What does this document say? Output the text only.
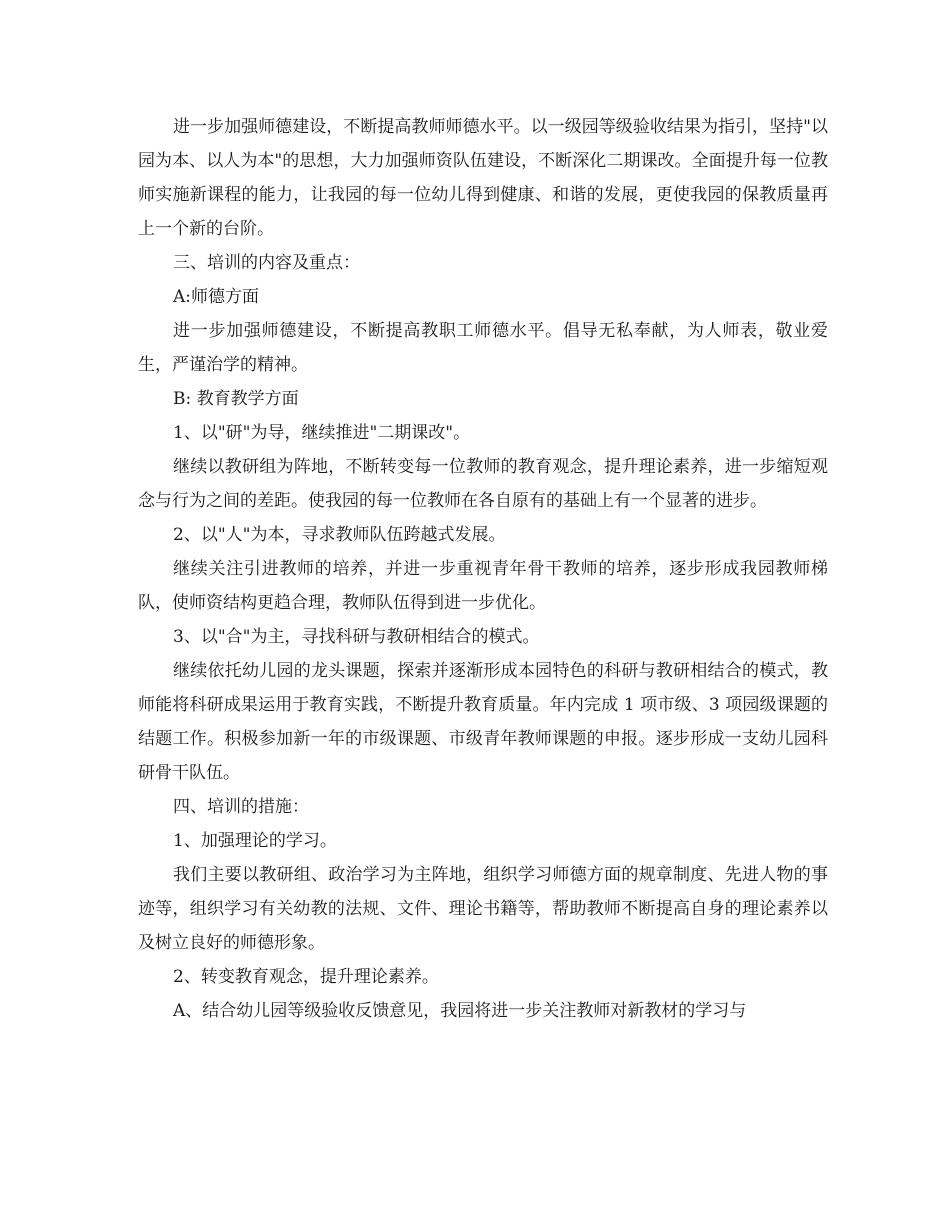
进一步加强师德建设，不断提高教师师德水平。以一级园等级验收结果为指引，坚持"以园为本、以人为本"的思想，大力加强师资队伍建设，不断深化二期课改。全面提升每一位教师实施新课程的能力，让我园的每一位幼儿得到健康、和谐的发展，更使我园的保教质量再上一个新的台阶。

三、培训的内容及重点：

A:师德方面

进一步加强师德建设，不断提高教职工师德水平。倡导无私奉献，为人师表，敬业爱生，严谨治学的精神。

B: 教育教学方面

1、以"研"为导，继续推进"二期课改"。

继续以教研组为阵地，不断转变每一位教师的教育观念，提升理论素养，进一步缩短观念与行为之间的差距。使我园的每一位教师在各自原有的基础上有一个显著的进步。

2、以"人"为本，寻求教师队伍跨越式发展。

继续关注引进教师的培养，并进一步重视青年骨干教师的培养，逐步形成我园教师梯队，使师资结构更趋合理，教师队伍得到进一步优化。

3、以"合"为主，寻找科研与教研相结合的模式。

继续依托幼儿园的龙头课题，探索并逐渐形成本园特色的科研与教研相结合的模式，教师能将科研成果运用于教育实践，不断提升教育质量。年内完成 1 项市级、3 项园级课题的结题工作。积极参加新一年的市级课题、市级青年教师课题的申报。逐步形成一支幼儿园科研骨干队伍。

四、培训的措施：

1、加强理论的学习。

我们主要以教研组、政治学习为主阵地，组织学习师德方面的规章制度、先进人物的事迹等，组织学习有关幼教的法规、文件、理论书籍等，帮助教师不断提高自身的理论素养以及树立良好的师德形象。

2、转变教育观念，提升理论素养。

A、结合幼儿园等级验收反馈意见，我园将进一步关注教师对新教材的学习与
